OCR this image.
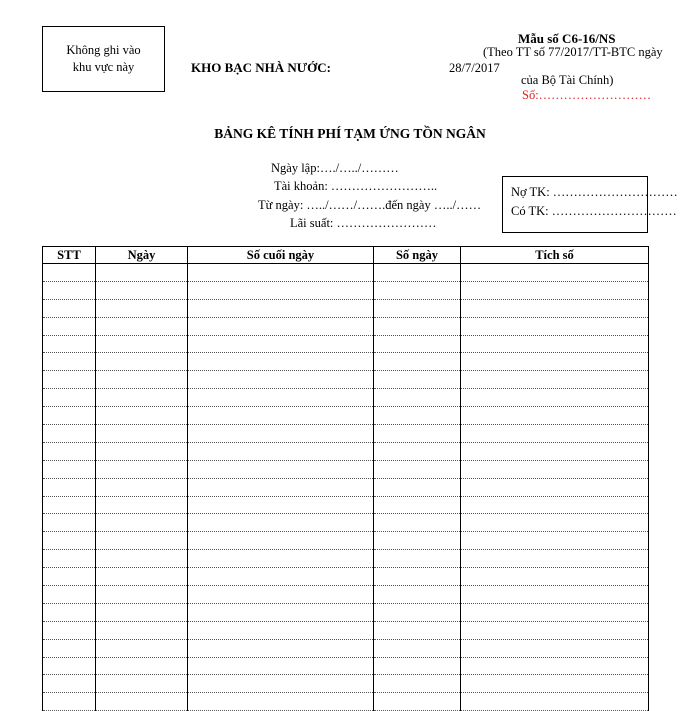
Không ghi vào
khu vực này	KHO BẠC NHÀ NƯỚC:
Mẫu số C6-16/NS
(Theo TT số 77/2017/TT-BTC ngày
28/7/2017
của Bộ Tài Chính)
Số:………………………
BẢNG KÊ TÍNH PHÍ TẠM ỨNG TỒN NGÂN
Ngày lập:…./…../………
Tài khoản: ……………………..
Từ ngày: …../……/…….đến ngày …../……
Lãi suất: ……………………
Nợ TK: …………………………
Có TK: …………………………
STT	Ngày	Số cuối ngày	Số ngày	Tích số
